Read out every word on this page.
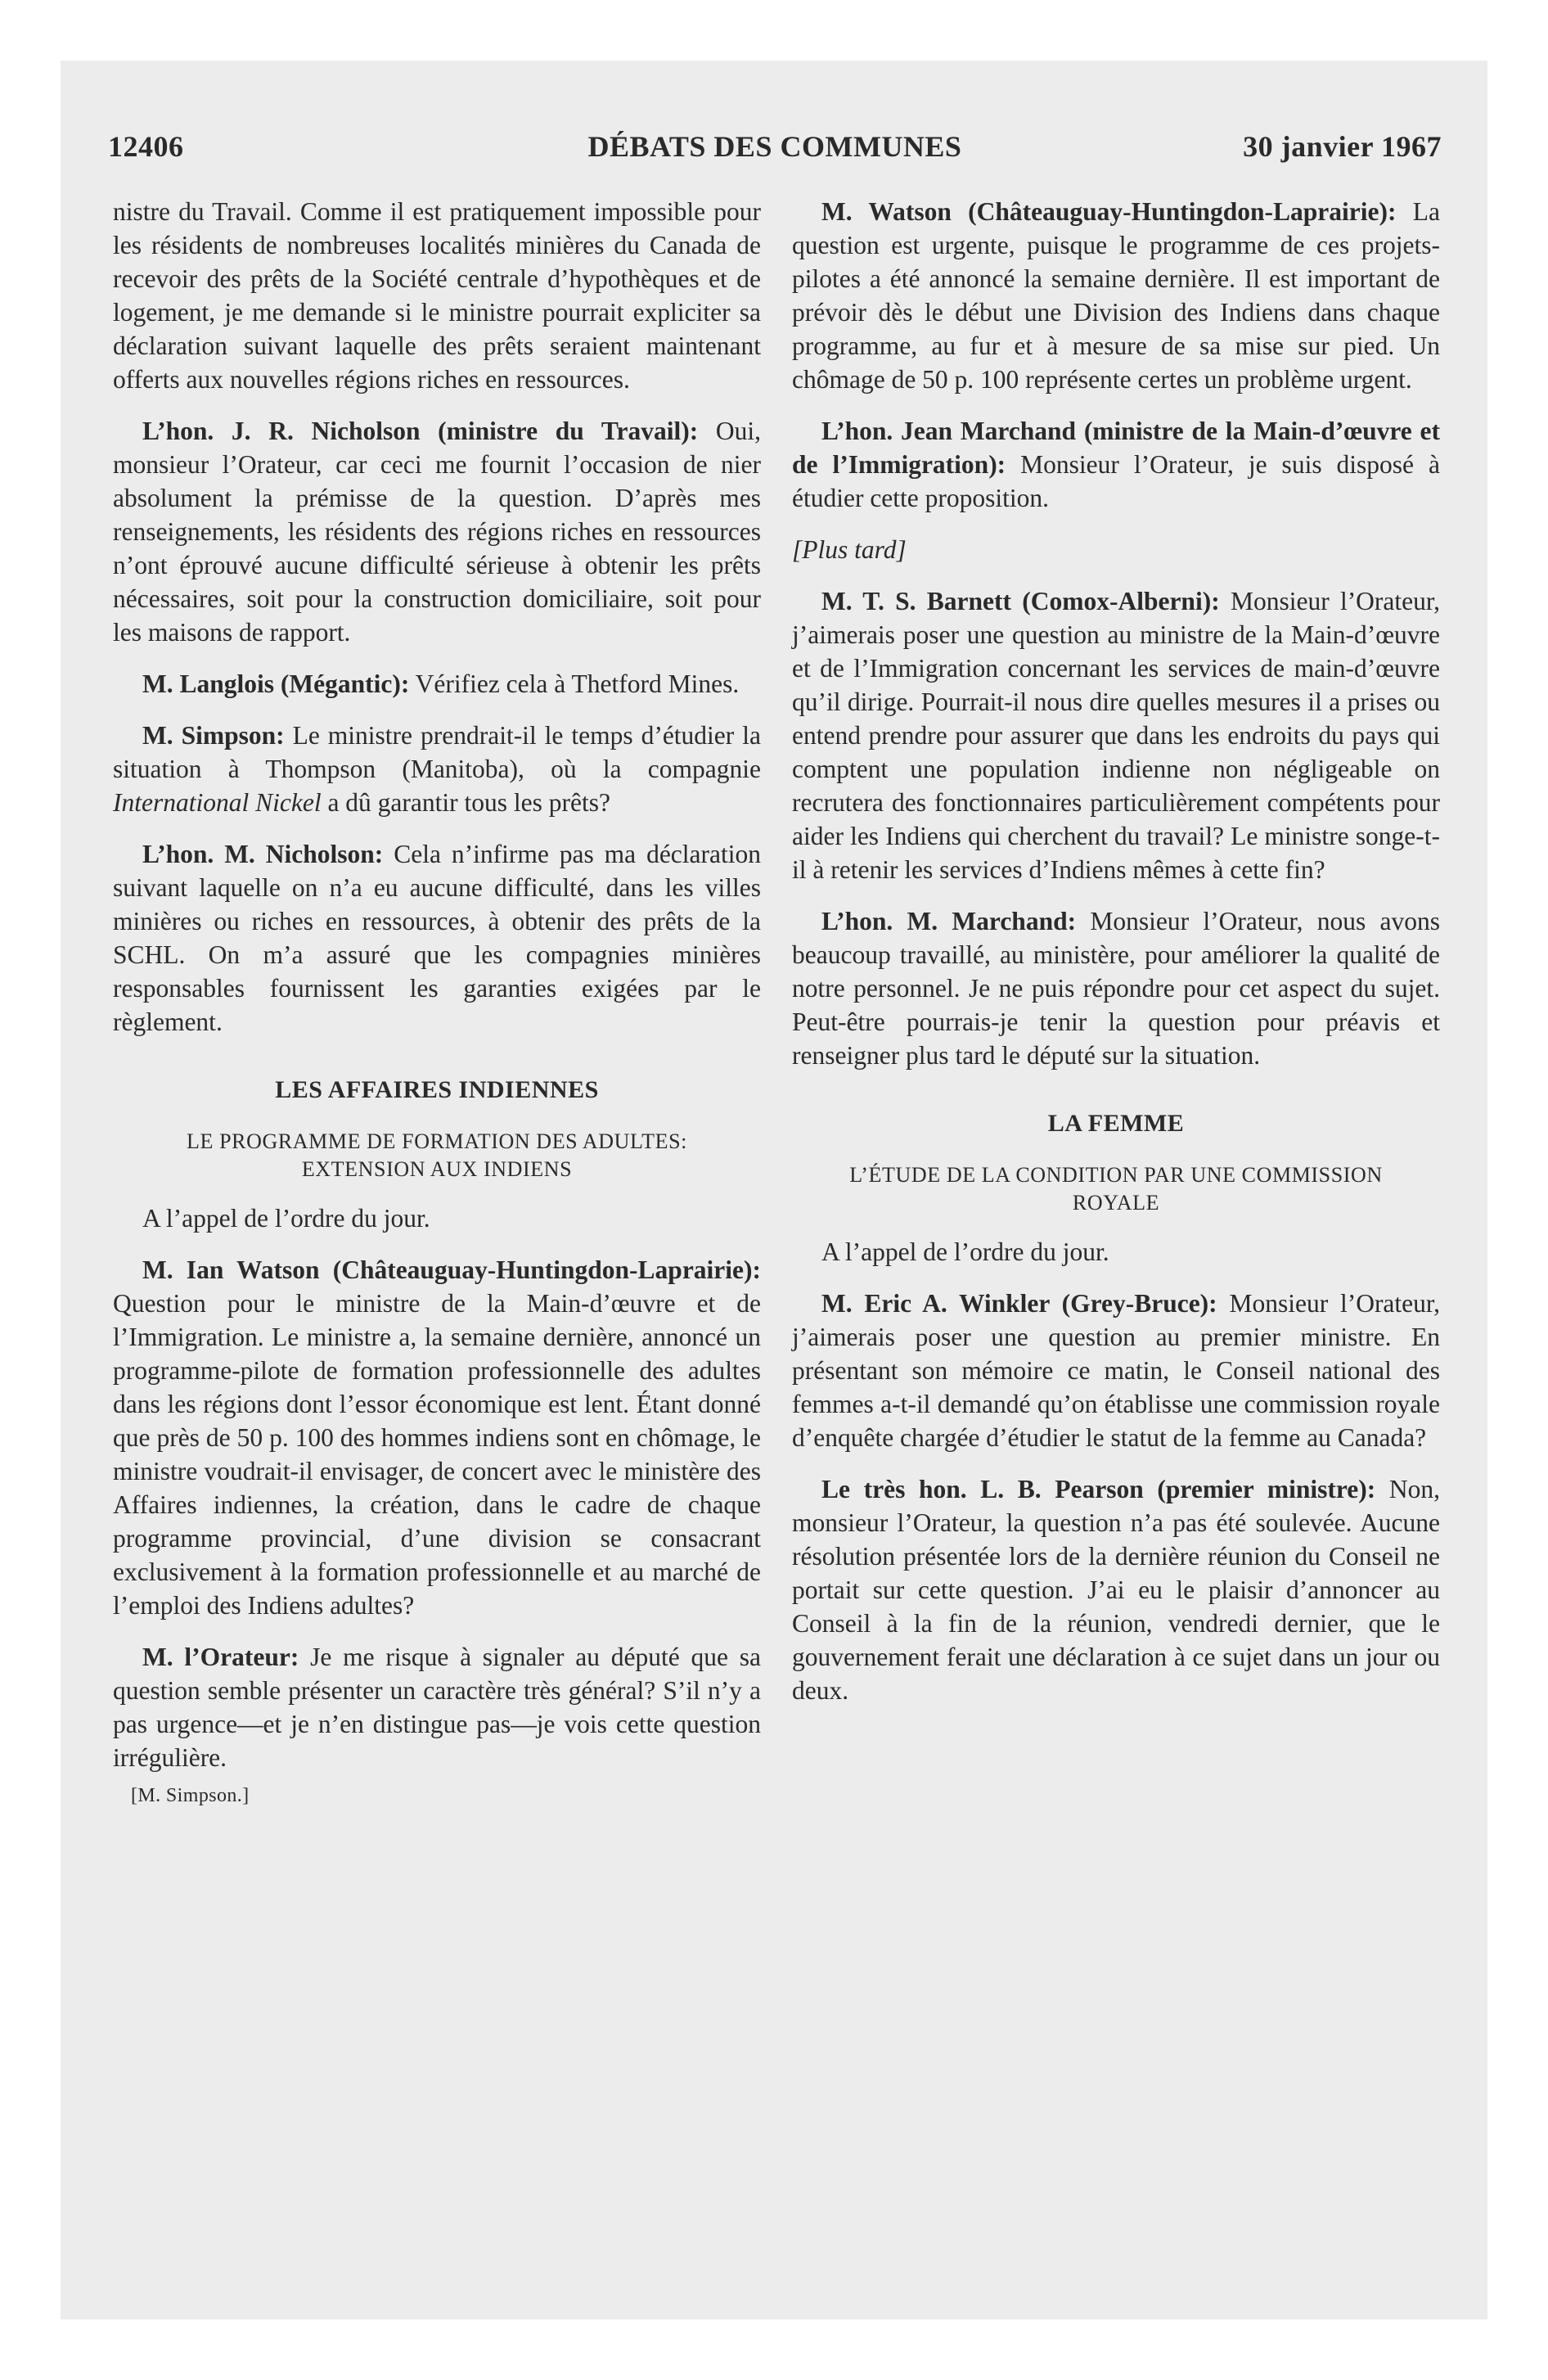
12406	DÉBATS DES COMMUNES	30 janvier 1967

nistre du Travail. Comme il est pratiquement impossible pour les résidents de nombreuses localités minières du Canada de recevoir des prêts de la Société centrale d’hypothèques et de logement, je me demande si le ministre pourrait expliciter sa déclaration suivant laquelle des prêts seraient maintenant offerts aux nouvelles régions riches en ressources.

L’hon. J. R. Nicholson (ministre du Travail): Oui, monsieur l’Orateur, car ceci me fournit l’occasion de nier absolument la prémisse de la question. D’après mes renseignements, les résidents des régions riches en ressources n’ont éprouvé aucune difficulté sérieuse à obtenir les prêts nécessaires, soit pour la construction domiciliaire, soit pour les maisons de rapport.

M. Langlois (Mégantic): Vérifiez cela à Thetford Mines.

M. Simpson: Le ministre prendrait-il le temps d’étudier la situation à Thompson (Manitoba), où la compagnie International Nickel a dû garantir tous les prêts?

L’hon. M. Nicholson: Cela n’infirme pas ma déclaration suivant laquelle on n’a eu aucune difficulté, dans les villes minières ou riches en ressources, à obtenir des prêts de la SCHL. On m’a assuré que les compagnies minières responsables fournissent les garanties exigées par le règlement.

LES AFFAIRES INDIENNES
LE PROGRAMME DE FORMATION DES ADULTES: EXTENSION AUX INDIENS

A l’appel de l’ordre du jour.

M. Ian Watson (Châteauguay-Huntingdon-Laprairie): Question pour le ministre de la Main-d’œuvre et de l’Immigration. Le ministre a, la semaine dernière, annoncé un programme-pilote de formation professionnelle des adultes dans les régions dont l’essor économique est lent. Étant donné que près de 50 p. 100 des hommes indiens sont en chômage, le ministre voudrait-il envisager, de concert avec le ministère des Affaires indiennes, la création, dans le cadre de chaque programme provincial, d’une division se consacrant exclusivement à la formation professionnelle et au marché de l’emploi des Indiens adultes?

M. l’Orateur: Je me risque à signaler au député que sa question semble présenter un caractère très général? S’il n’y a pas urgence—et je n’en distingue pas—je vois cette question irrégulière.

[M. Simpson.]

M. Watson (Châteauguay-Huntingdon-Laprairie): La question est urgente, puisque le programme de ces projets-pilotes a été annoncé la semaine dernière. Il est important de prévoir dès le début une Division des Indiens dans chaque programme, au fur et à mesure de sa mise sur pied. Un chômage de 50 p. 100 représente certes un problème urgent.

L’hon. Jean Marchand (ministre de la Main-d’œuvre et de l’Immigration): Monsieur l’Orateur, je suis disposé à étudier cette proposition.

[Plus tard]

M. T. S. Barnett (Comox-Alberni): Monsieur l’Orateur, j’aimerais poser une question au ministre de la Main-d’œuvre et de l’Immigration concernant les services de main-d’œuvre qu’il dirige. Pourrait-il nous dire quelles mesures il a prises ou entend prendre pour assurer que dans les endroits du pays qui comptent une population indienne non négligeable on recrutera des fonctionnaires particulièrement compétents pour aider les Indiens qui cherchent du travail? Le ministre songe-t-il à retenir les services d’Indiens mêmes à cette fin?

L’hon. M. Marchand: Monsieur l’Orateur, nous avons beaucoup travaillé, au ministère, pour améliorer la qualité de notre personnel. Je ne puis répondre pour cet aspect du sujet. Peut-être pourrais-je tenir la question pour préavis et renseigner plus tard le député sur la situation.

LA FEMME
L’ÉTUDE DE LA CONDITION PAR UNE COMMISSION ROYALE

A l’appel de l’ordre du jour.

M. Eric A. Winkler (Grey-Bruce): Monsieur l’Orateur, j’aimerais poser une question au premier ministre. En présentant son mémoire ce matin, le Conseil national des femmes a-t-il demandé qu’on établisse une commission royale d’enquête chargée d’étudier le statut de la femme au Canada?

Le très hon. L. B. Pearson (premier ministre): Non, monsieur l’Orateur, la question n’a pas été soulevée. Aucune résolution présentée lors de la dernière réunion du Conseil ne portait sur cette question. J’ai eu le plaisir d’annoncer au Conseil à la fin de la réunion, vendredi dernier, que le gouvernement ferait une déclaration à ce sujet dans un jour ou deux.
